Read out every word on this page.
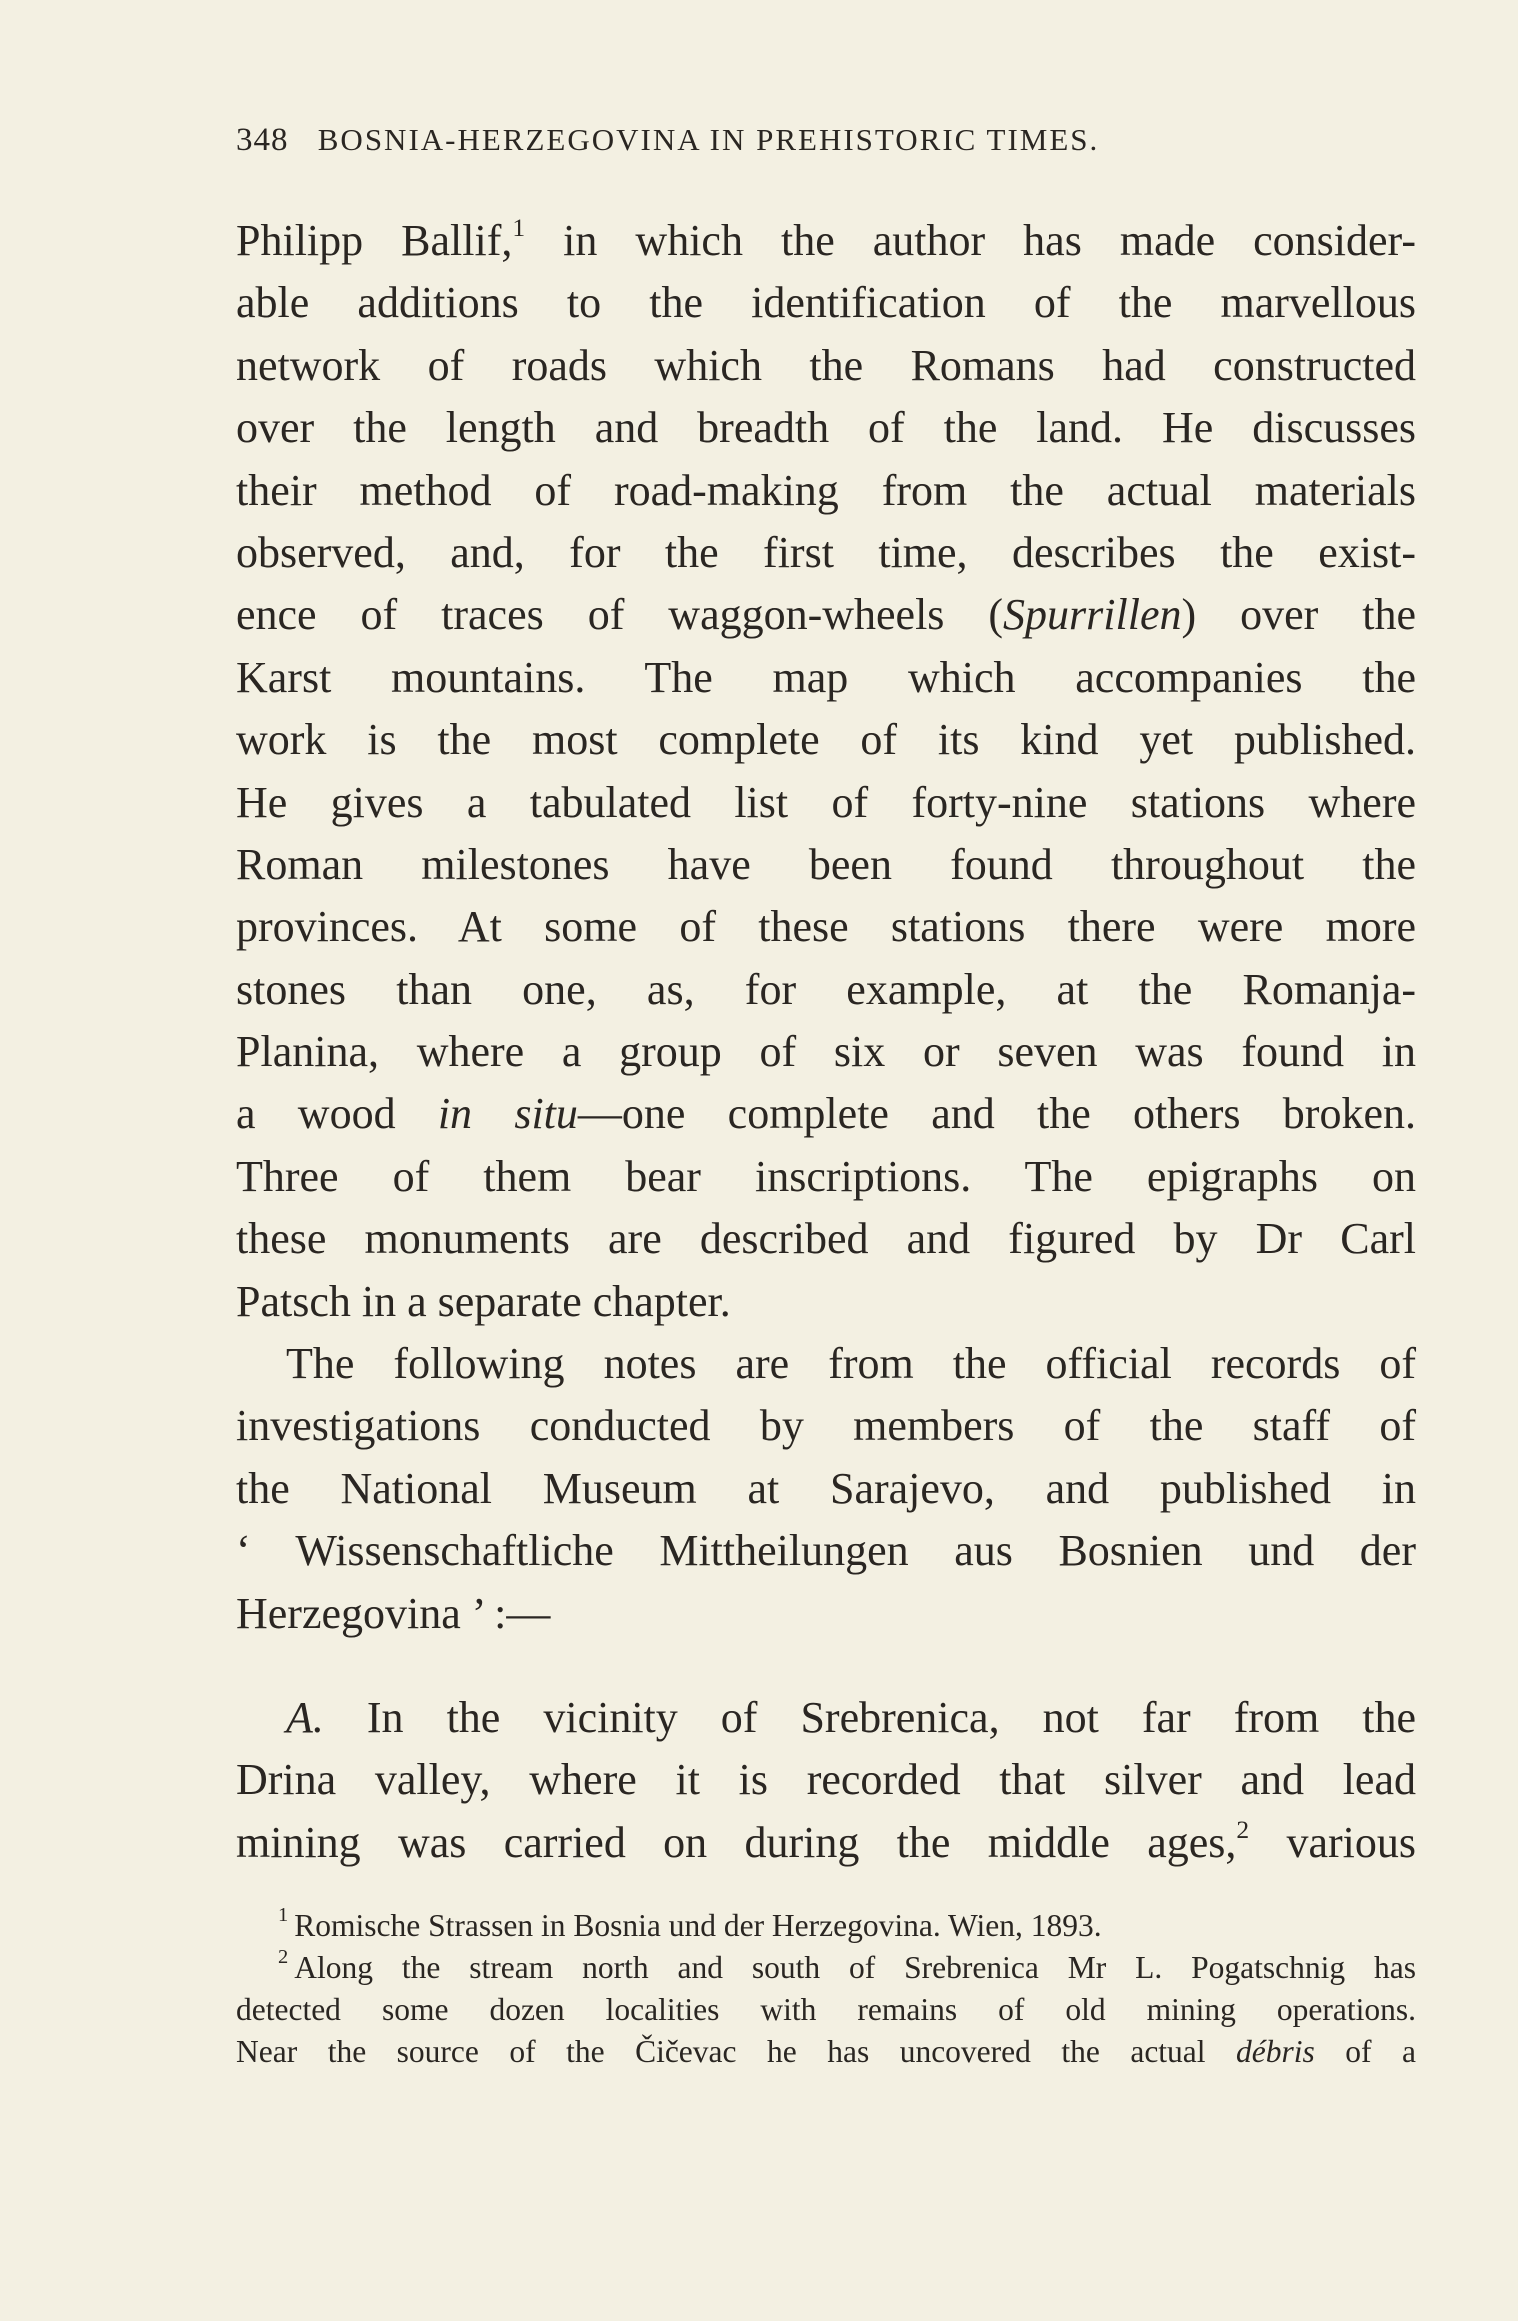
348 BOSNIA-HERZEGOVINA IN PREHISTORIC TIMES.
Philipp Ballif,$^1$ in which the author has made consider-
able additions to the identification of the marvellous
network of roads which the Romans had constructed
over the length and breadth of the land. He discusses
their method of road-making from the actual materials
observed, and, for the first time, describes the exist-
ence of traces of waggon-wheels (Spurrillen) over the
Karst mountains. The map which accompanies the
work is the most complete of its kind yet published.
He gives a tabulated list of forty-nine stations where
Roman milestones have been found throughout the
provinces. At some of these stations there were more
stones than one, as, for example, at the Romanja-
Planina, where a group of six or seven was found in
a wood in situ—one complete and the others broken.
Three of them bear inscriptions. The epigraphs on
these monuments are described and figured by Dr Carl
Patsch in a separate chapter.
The following notes are from the official records of
investigations conducted by members of the staff of
the National Museum at Sarajevo, and published in
‘ Wissenschaftliche Mittheilungen aus Bosnien und der
Herzegovina ’ :—
A. In the vicinity of Srebrenica, not far from the
Drina valley, where it is recorded that silver and lead
mining was carried on during the middle ages,$^2$ various
$^1$ Romische Strassen in Bosnia und der Herzegovina. Wien, 1893.
$^2$ Along the stream north and south of Srebrenica Mr L. Pogatschnig has
detected some dozen localities with remains of old mining operations.
Near the source of the Čičevac he has uncovered the actual débris of a
